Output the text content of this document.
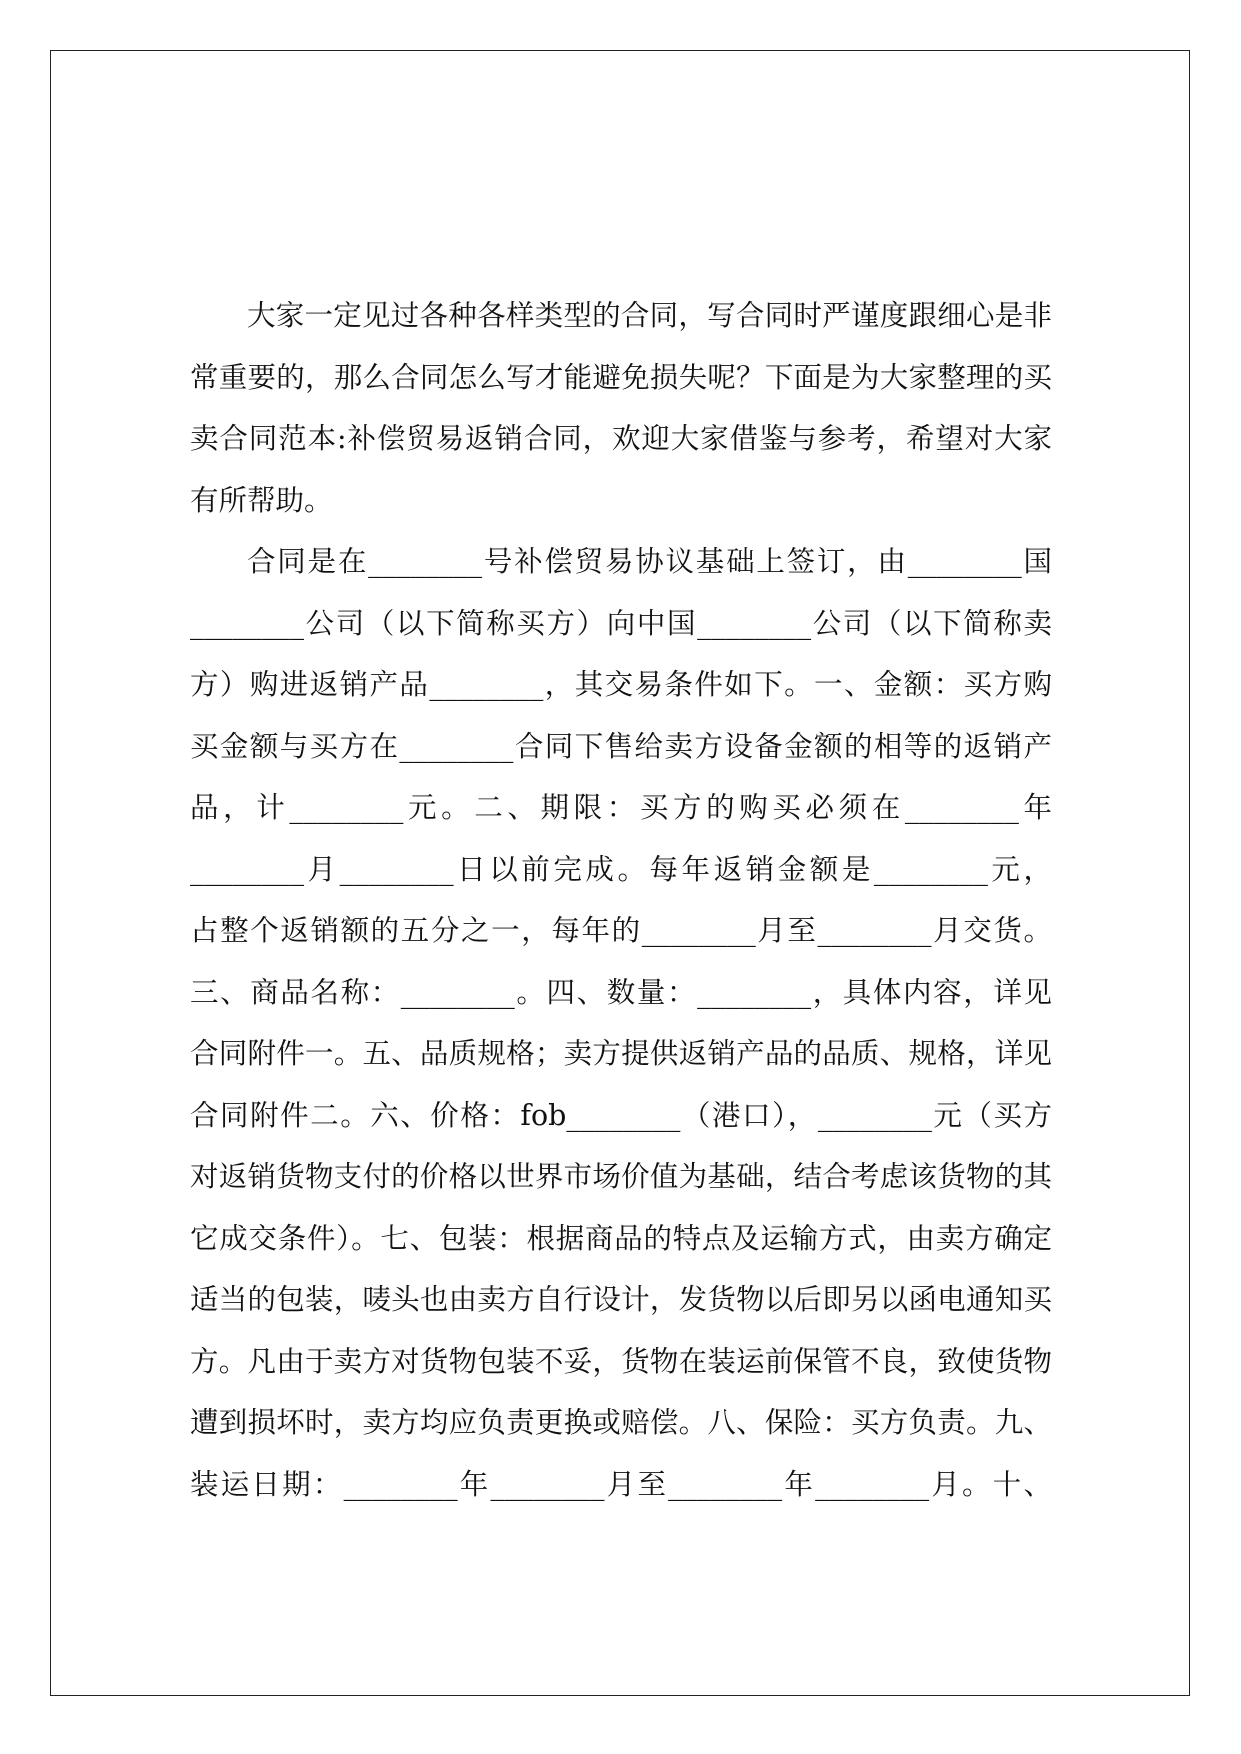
大家一定见过各种各样类型的合同，写合同时严谨度跟细心是非
常重要的，那么合同怎么写才能避免损失呢？下面是为大家整理的买
卖合同范本:补偿贸易返销合同，欢迎大家借鉴与参考，希望对大家
有所帮助。
合同是在________号补偿贸易协议基础上签订，由________国
________公司（以下简称买方）向中国________公司（以下简称卖
方）购进返销产品________，其交易条件如下。一、金额：买方购
买金额与买方在________合同下售给卖方设备金额的相等的返销产
品，计________元。二、期限：买方的购买必须在________年
________月________日以前完成。每年返销金额是________元，
占整个返销额的五分之一，每年的________月至________月交货。
三、商品名称：________。四、数量：________，具体内容，详见
合同附件一。五、品质规格；卖方提供返销产品的品质、规格，详见
合同附件二。六、价格：fob________（港口），________元（买方
对返销货物支付的价格以世界市场价值为基础，结合考虑该货物的其
它成交条件）。七、包装：根据商品的特点及运输方式，由卖方确定
适当的包装，唛头也由卖方自行设计，发货物以后即另以函电通知买
方。凡由于卖方对货物包装不妥，货物在装运前保管不良，致使货物
遭到损坏时，卖方均应负责更换或赔偿。八、保险：买方负责。九、
装运日期：________年________月至________年________月。十、
